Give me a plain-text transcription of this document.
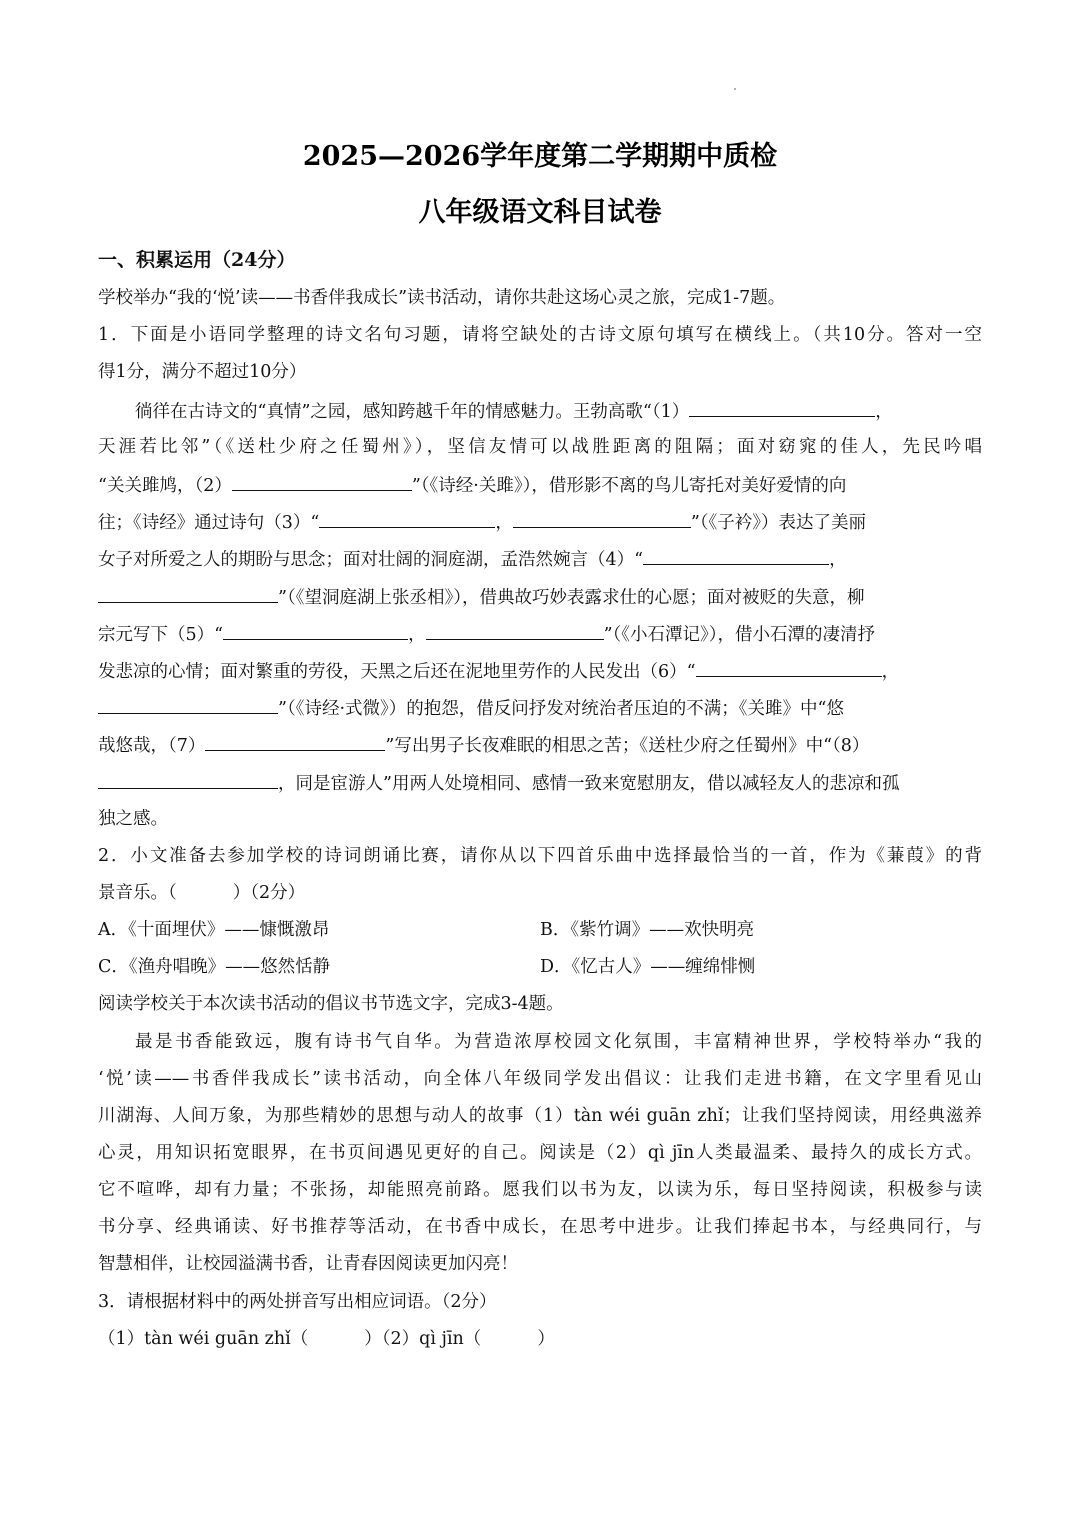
2025—2026学年度第二学期期中质检
八年级语文科目试卷
一、积累运用（24分）
学校举办“我的‘悦’读——书香伴我成长”读书活动，请你共赴这场心灵之旅，完成1-7题。
1．下面是小语同学整理的诗文名句习题，请将空缺处的古诗文原句填写在横线上。（共10分。答对一空
得1分，满分不超过10分）
徜徉在古诗文的“真情”之园，感知跨越千年的情感魅力。王勃高歌“（1）	，
天涯若比邻”（《送杜少府之任蜀州》），坚信友情可以战胜距离的阻隔；面对窈窕的佳人，先民吟唱
“关关雎鸠，（2）	”（《诗经·关雎》），借形影不离的鸟儿寄托对美好爱情的向
往；《诗经》通过诗句（3）“	，	”（《子衿》）表达了美丽
女子对所爱之人的期盼与思念；面对壮阔的洞庭湖，孟浩然婉言（4）“	，
”（《望洞庭湖上张丞相》），借典故巧妙表露求仕的心愿；面对被贬的失意，柳
宗元写下（5）“	，	”（《小石潭记》），借小石潭的凄清抒
发悲凉的心情；面对繁重的劳役，天黑之后还在泥地里劳作的人民发出（6）“	，
”（《诗经·式微》）的抱怨，借反问抒发对统治者压迫的不满；《关雎》中“悠
哉悠哉，（7）	”写出男子长夜难眠的相思之苦；《送杜少府之任蜀州》中“（8）
，同是宦游人”用两人处境相同、感情一致来宽慰朋友，借以减轻友人的悲凉和孤
独之感。
2．小文准备去参加学校的诗词朗诵比赛，请你从以下四首乐曲中选择最恰当的一首，作为《蒹葭》的背
景音乐。（	）（2分）
A．《十面埋伏》——慷慨激昂	B．《紫竹调》——欢快明亮
C．《渔舟唱晚》——悠然恬静	D．《忆古人》——缠绵悱恻
阅读学校关于本次读书活动的倡议书节选文字，完成3-4题。
最是书香能致远，腹有诗书气自华。为营造浓厚校园文化氛围，丰富精神世界，学校特举办“我的
‘悦’读——书香伴我成长”读书活动，向全体八年级同学发出倡议：让我们走进书籍，在文字里看见山
川湖海、人间万象，为那些精妙的思想与动人的故事（1）tàn wéi guān zhǐ；让我们坚持阅读，用经典滋养
心灵，用知识拓宽眼界，在书页间遇见更好的自己。阅读是（2）qì jīn人类最温柔、最持久的成长方式。
它不喧哗，却有力量；不张扬，却能照亮前路。愿我们以书为友，以读为乐，每日坚持阅读，积极参与读
书分享、经典诵读、好书推荐等活动，在书香中成长，在思考中进步。让我们捧起书本，与经典同行，与
智慧相伴，让校园溢满书香，让青春因阅读更加闪亮！
3．请根据材料中的两处拼音写出相应词语。（2分）
（1）tàn wéi guān zhǐ（	）（2）qì jīn（	）
